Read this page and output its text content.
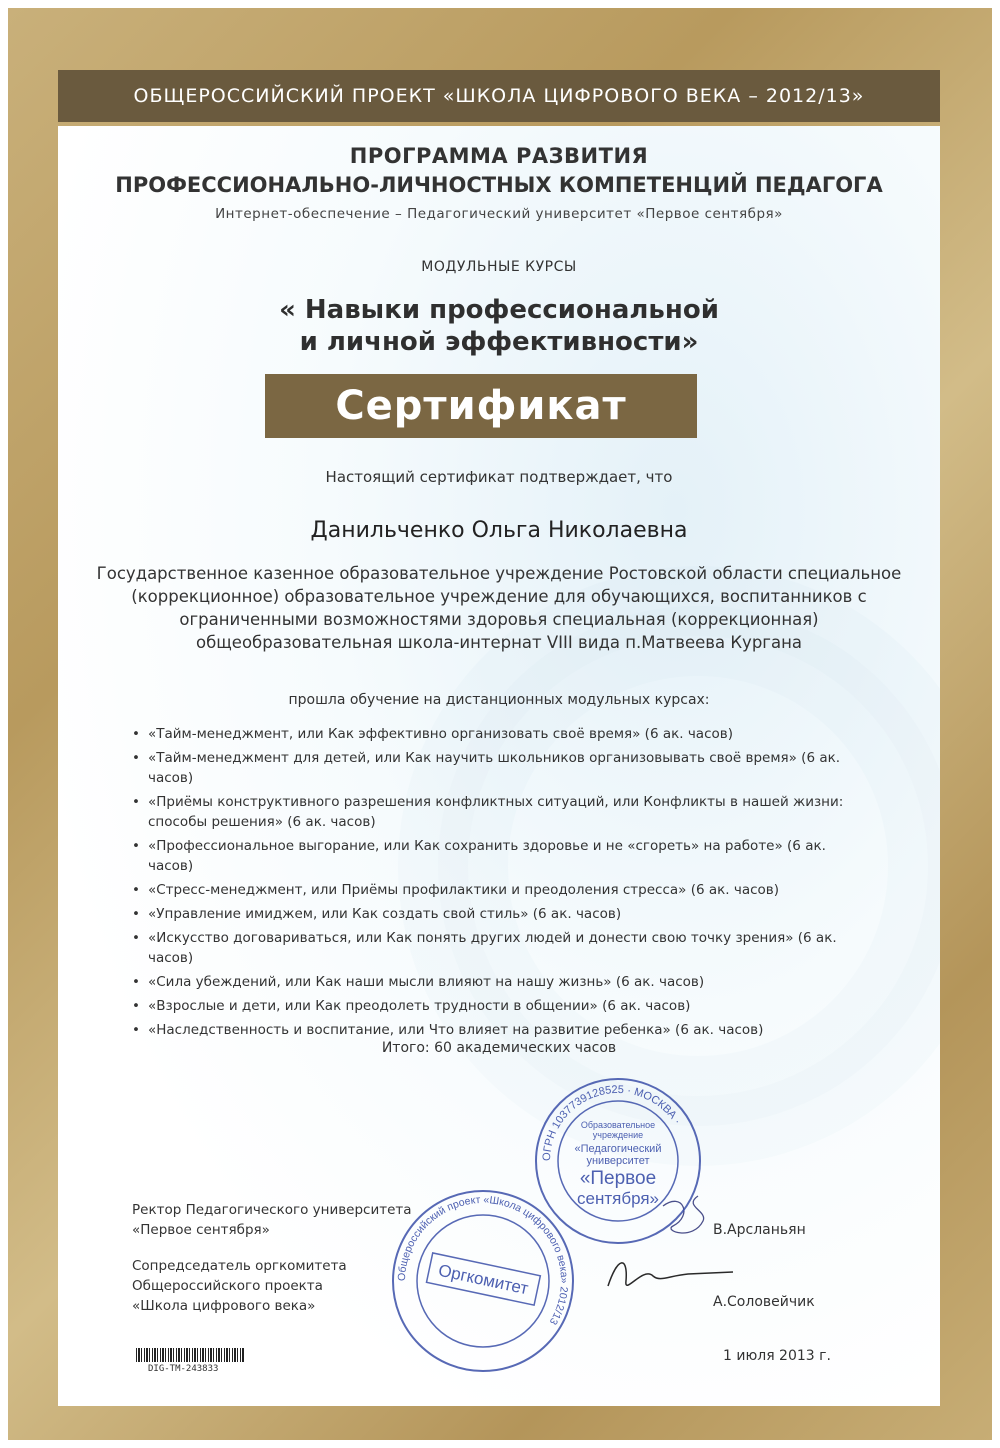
ОБЩЕРОССИЙСКИЙ ПРОЕКТ «ШКОЛА ЦИФРОВОГО ВЕКА – 2012/13»
ПРОГРАММА РАЗВИТИЯ
ПРОФЕССИОНАЛЬНО-ЛИЧНОСТНЫХ КОМПЕТЕНЦИЙ ПЕДАГОГА
Интернет-обеспечение – Педагогический университет «Первое сентября»
МОДУЛЬНЫЕ КУРСЫ
« Навыки профессиональной
и личной эффективности»
Сертификат
Настоящий сертификат подтверждает, что
Данильченко Ольга Николаевна
Государственное казенное образовательное учреждение Ростовской области специальное (коррекционное) образовательное учреждение для обучающихся, воспитанников с ограниченными возможностями здоровья специальная (коррекционная) общеобразовательная школа-интернат VIII вида п.Матвеева Кургана
прошла обучение на дистанционных модульных курсах:
• «Тайм-менеджмент, или Как эффективно организовать своё время» (6 ак. часов)
• «Тайм-менеджмент для детей, или Как научить школьников организовывать своё время» (6 ак. часов)
• «Приёмы конструктивного разрешения конфликтных ситуаций, или Конфликты в нашей жизни: способы решения» (6 ак. часов)
• «Профессиональное выгорание, или Как сохранить здоровье и не «сгореть» на работе» (6 ак. часов)
• «Стресс-менеджмент, или Приёмы профилактики и преодоления стресса» (6 ак. часов)
• «Управление имиджем, или Как создать свой стиль» (6 ак. часов)
• «Искусство договариваться, или Как понять других людей и донести свою точку зрения» (6 ак. часов)
• «Сила убеждений, или Как наши мысли влияют на нашу жизнь» (6 ак. часов)
• «Взрослые и дети, или Как преодолеть трудности в общении» (6 ак. часов)
• «Наследственность и воспитание, или Что влияет на развитие ребенка» (6 ак. часов)
Итого: 60 академических часов
Ректор Педагогического университета
«Первое сентября»
Сопредседатель оргкомитета
Общероссийского проекта
«Школа цифрового века»
В.Арсланьян
А.Соловейчик
1 июля 2013 г.
DIG-TM-243833
ОГРН 1037739128525 · МОСКВА ·
Образовательное
учреждение
«Педагогический
университет
«Первое
сентября»
Общероссийский проект «Школа цифрового века» 2012/13
Оргкомитет
